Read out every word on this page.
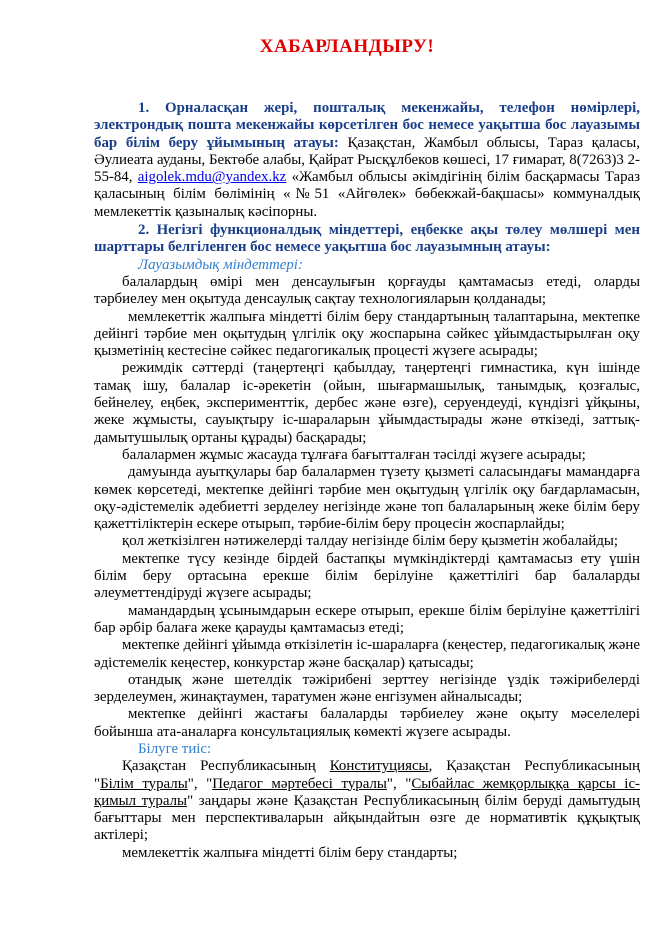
ХАБАРЛАНДЫРУ!

1. Орналасқан жері, пошталық мекенжайы, телефон нөмірлері, электрондық пошта мекенжайы көрсетілген бос немесе уақытша бос лауазымы бар білім беру ұйымының атауы: Қазақстан, Жамбыл облысы, Тараз қаласы, Әулиеата ауданы, Бектөбе алабы, Қайрат Рысқұлбеков көшесі, 17 ғимарат, 8(7263)3 2-55-84, aigolek.mdu@yandex.kz «Жамбыл облысы әкімдігінің білім басқармасы Тараз қаласының білім бөлімінің «№51 «Айгөлек» бөбекжай-бақшасы» коммуналдық мемлекеттік қазыналық кәсіпорны.

2. Негізгі функционалдық міндеттері, еңбекке ақы төлеу мөлшері мен шарттары белгіленген бос немесе уақытша бос лауазымның атауы:

Лауазымдық міндеттері:

балалардың өмірі мен денсаулығын қорғауды қамтамасыз етеді, оларды тәрбиелеу мен оқытуда денсаулық сақтау технологияларын қолданады;

мемлекеттік жалпыға міндетті білім беру стандартының талаптарына, мектепке дейінгі тәрбие мен оқытудың үлгілік оқу жоспарына сәйкес ұйымдастырылған оқу қызметінің кестесіне сәйкес педагогикалық процесті жүзеге асырады;

режимдік сәттерді (таңертеңгі қабылдау, таңертеңгі гимнастика, күн ішінде тамақ ішу, балалар іс-әрекетін (ойын, шығармашылық, танымдық, қозғалыс, бейнелеу, еңбек, эксперименттік, дербес және өзге), серуендеуді, күндізгі ұйқыны, жеке жұмысты, сауықтыру іс-шараларын ұйымдастырады және өткізеді, заттық-дамытушылық ортаны құрады) басқарады;

балалармен жұмыс жасауда тұлғаға бағытталған тәсілді жүзеге асырады;

дамуында ауытқулары бар балалармен түзету қызметі саласындағы мамандарға көмек көрсетеді, мектепке дейінгі тәрбие мен оқытудың үлгілік оқу бағдарламасын, оқу-әдістемелік әдебиетті зерделеу негізінде және топ балаларының жеке білім беру қажеттіліктерін ескере отырып, тәрбие-білім беру процесін жоспарлайды;

қол жеткізілген нәтижелерді талдау негізінде білім беру қызметін жобалайды;

мектепке түсу кезінде бірдей бастапқы мүмкіндіктерді қамтамасыз ету үшін білім беру ортасына ерекше білім берілуіне қажеттілігі бар балаларды әлеуметтендіруді жүзеге асырады;

мамандардың ұсынымдарын ескере отырып, ерекше білім берілуіне қажеттілігі бар әрбір балаға жеке қарауды қамтамасыз етеді;

мектепке дейінгі ұйымда өткізілетін іс-шараларға (кеңестер, педагогикалық және әдістемелік кеңестер, конкурстар және басқалар) қатысады;

отандық және шетелдік тәжірибені зерттеу негізінде үздік тәжірибелерді зерделеумен, жинақтаумен, таратумен және енгізумен айналысады;

мектепке дейінгі жастағы балаларды тәрбиелеу және оқыту мәселелері бойынша ата-аналарға консультациялық көмекті жүзеге асырады.

Білуге тиіс:

Қазақстан Республикасының Конституциясы, Қазақстан Республикасының "Білім туралы", "Педагог мәртебесі туралы", "Сыбайлас жемқорлыққа қарсы іс-қимыл туралы" заңдары және Қазақстан Республикасының білім беруді дамытудың бағыттары мен перспективаларын айқындайтын өзге де нормативтік құқықтық актілері;

мемлекеттік жалпыға міндетті білім беру стандарты;
